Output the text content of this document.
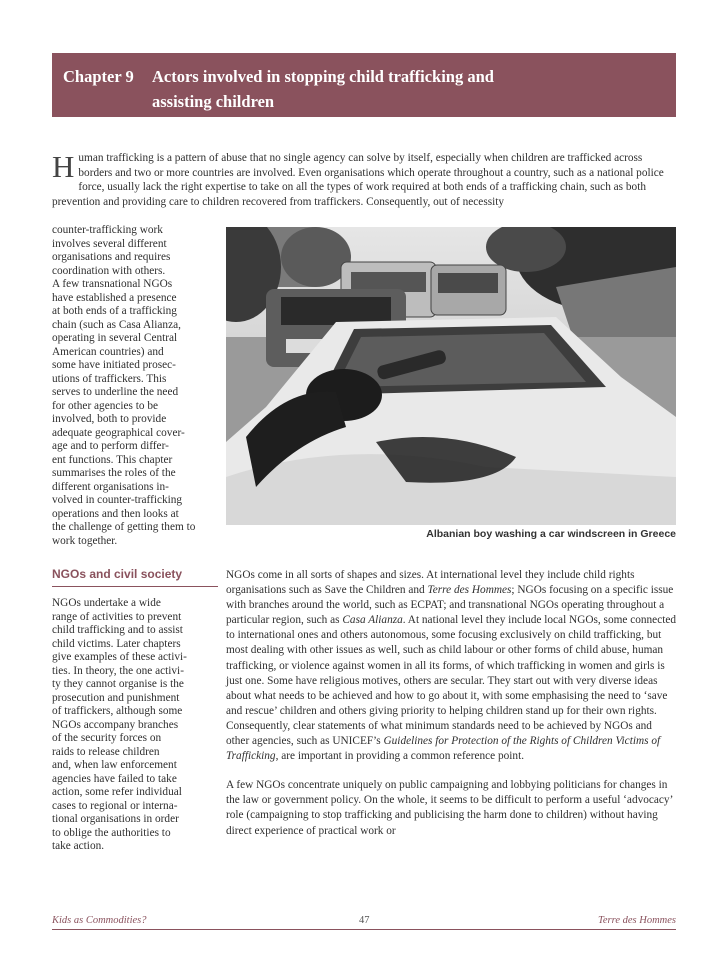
Chapter 9 Actors involved in stopping child trafficking and
assisting children
H uman trafficking is a pattern of abuse that no single agency can solve by itself, especially when children are trafficked across borders and two or more countries are involved. Even organisations which operate throughout a country, such as a national police force, usually lack the right expertise to take on all the types of work required at both ends of a trafficking chain, such as both prevention and providing care to children recovered from traffickers. Consequently, out of necessity

counter-trafficking work

involves several different

organisations and requires

coordination with others.

A few transnational NGOs

have established a presence

at both ends of a trafficking

chain (such as Casa Alianza,

operating in several Central

American countries) and

some have initiated prosec-

utions of traffickers. This

serves to underline the need

for other agencies to be

involved, both to provide

adequate geographical cover-

age and to perform differ-

ent functions. This chapter

summarises the roles of the

different organisations in-

volved in counter-trafficking

operations and then looks at

the challenge of getting them to

work together.

Albanian boy washing a car windscreen in Greece
NGOs and civil society

NGOs undertake a wide

range of activities to prevent

child trafficking and to assist

child victims. Later chapters

give examples of these activi-

ties. In theory, the one activi-

ty they cannot organise is the

prosecution and punishment

of traffickers, although some

NGOs accompany branches

of the security forces on

raids to release children

and, when law enforcement

agencies have failed to take

action, some refer individual

cases to regional or interna-

tional organisations in order

to oblige the authorities to

take action.

NGOs come in all sorts of shapes and sizes. At international level they include child rights organisations such as Save the Children and Terre des Hommes; NGOs focusing on a specific issue with branches around the world, such as ECPAT; and transnational NGOs operating throughout a particular region, such as Casa Alianza. At national level they include local NGOs, some connected to international ones and others autonomous, some focusing exclusively on child trafficking, but most dealing with other issues as well, such as child labour or other forms of child abuse, human trafficking, or violence against women in all its forms, of which trafficking in women and girls is just one. Some have religious motives, others are secular. They start out with very diverse ideas about what needs to be achieved and how to go about it, with some emphasising the need to ‘save and rescue’ children and others giving priority to helping children stand up for their own rights. Consequently, clear statements of what minimum standards need to be achieved by NGOs and other agencies, such as UNICEF’s Guidelines for Protection of the Rights of Children Victims of Trafficking, are important in providing a common reference point.

A few NGOs concentrate uniquely on public campaigning and lobbying politicians for changes in the law or government policy. On the whole, it seems to be difficult to perform a useful ‘advocacy’ role (campaigning to stop trafficking and publicising the harm done to children) without having direct experience of practical work or

Kids as Commodities?	47	Terre des Hommes
